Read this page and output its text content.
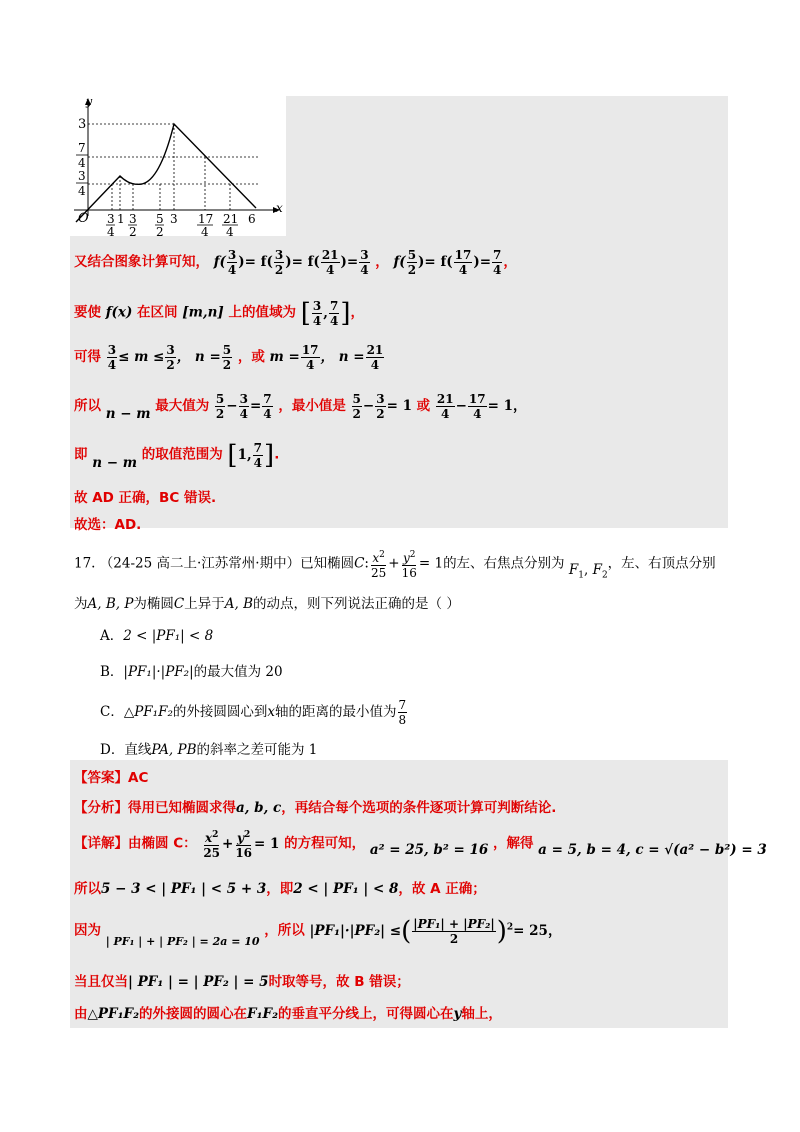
y
x
O
3
7
4
3
4
3
4
1 3
2
5
2
3 17
4
21
4
6
又结合图象计算可知， $f( \frac{3}{4}$ )= $f( \frac{3}{2}$ )= $f( \frac{21}{4}$ )= $\frac{3}{4}$ ， $f( \frac{5}{2}$ )= $f( \frac{17}{4}$ )= $\frac{7}{4}$ ，
要使 f(x) 在区间 [m,n] 上的值域为 [ $\frac{3}{4}$ , $\frac{7}{4}$ ]，
可得 $\frac{3}{4} \le m \le \frac{3}{2}$ ， $n = \frac{5}{2}$ ，或 $m = \frac{17}{4}$ ， $n = \frac{21}{4}$
所以 n − m 最大值为 $\frac{5}{2} - \frac{3}{4} = \frac{7}{4}$ ，最小值是 $\frac{5}{2} - \frac{3}{2} = 1$ 或 $\frac{21}{4} - \frac{17}{4} = 1$，
即 n − m 的取值范围为 [1, $\frac{7}{4}$ ].
故 AD 正确，BC 错误.
故选：AD.
17. （24-25 高二上·江苏常州·期中）已知椭圆C: $\frac{x^2}{25} + \frac{y^2}{16} = 1$的左、右焦点分别为 $F_1$, $F_2$，左、右顶点分别
为A, B, P为椭圆C上异于A, B的动点，则下列说法正确的是（ ）
A．2 < |PF₁| < 8
B．|PF₁|·|PF₂|的最大值为 20
C．△PF₁F₂的外接圆圆心到x轴的距离的最小值为 $\frac{7}{8}$
D．直线PA, PB的斜率之差可能为 1
【答案】AC
【分析】得用已知椭圆求得a, b, c，再结合每个选项的条件逐项计算可判断结论.
【详解】由椭圆 C： $\frac{x^2}{25} + \frac{y^2}{16} = 1$ 的方程可知， a² = 25, b² = 16 ，解得 a = 5, b = 4, c = √(a² − b²) = 3
所以5 − 3 < | PF₁ | < 5 + 3，即2 < | PF₁ | < 8，故 A 正确；
因为 $_{| PF_1 | + | PF_2 | = 2a = 10}$ ，所以 |PF₁|·|PF₂| ≤( $\frac{\text{|PF₁| + |PF₂|}}{2} )^2= 25$，
当且仅当| PF₁ | = | PF₂ | = 5时取等号，故 B 错误；
由△PF₁F₂的外接圆的圆心在F₁F₂的垂直平分线上，可得圆心在y轴上，
